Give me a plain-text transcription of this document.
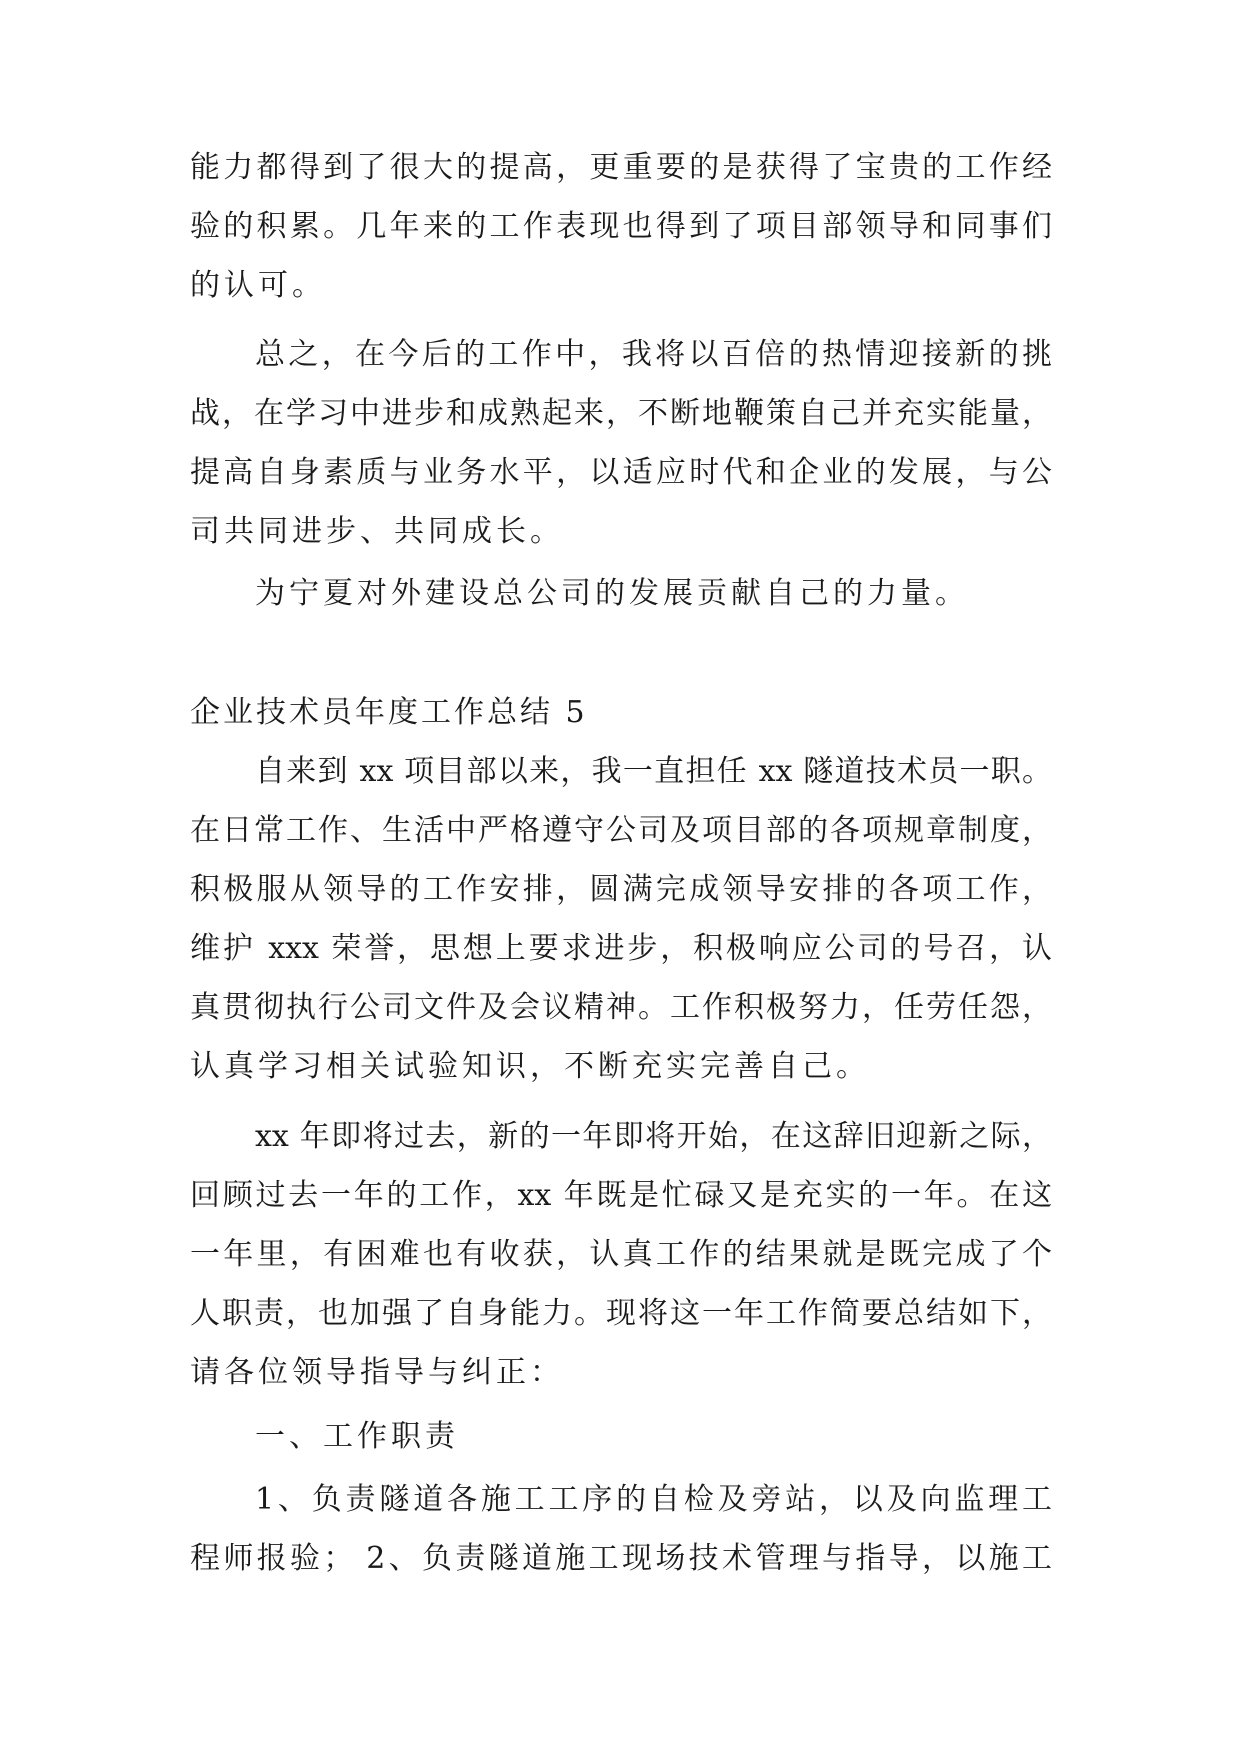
能力都得到了很大的提高，更重要的是获得了宝贵的工作经
验的积累。几年来的工作表现也得到了项目部领导和同事们
的认可。
总之，在今后的工作中，我将以百倍的热情迎接新的挑
战，在学习中进步和成熟起来，不断地鞭策自己并充实能量，
提高自身素质与业务水平，以适应时代和企业的发展，与公
司共同进步、共同成长。
为宁夏对外建设总公司的发展贡献自己的力量。
企业技术员年度工作总结 5
自来到 xx 项目部以来，我一直担任 xx 隧道技术员一职。
在日常工作、生活中严格遵守公司及项目部的各项规章制度，
积极服从领导的工作安排，圆满完成领导安排的各项工作，
维护 xxx 荣誉，思想上要求进步，积极响应公司的号召，认
真贯彻执行公司文件及会议精神。工作积极努力，任劳任怨，
认真学习相关试验知识，不断充实完善自己。
xx 年即将过去，新的一年即将开始，在这辞旧迎新之际，
回顾过去一年的工作，xx 年既是忙碌又是充实的一年。在这
一年里，有困难也有收获，认真工作的结果就是既完成了个
人职责，也加强了自身能力。现将这一年工作简要总结如下，
请各位领导指导与纠正：
一、工作职责
1、负责隧道各施工工序的自检及旁站，以及向监理工
程师报验； 2、负责隧道施工现场技术管理与指导，以施工
